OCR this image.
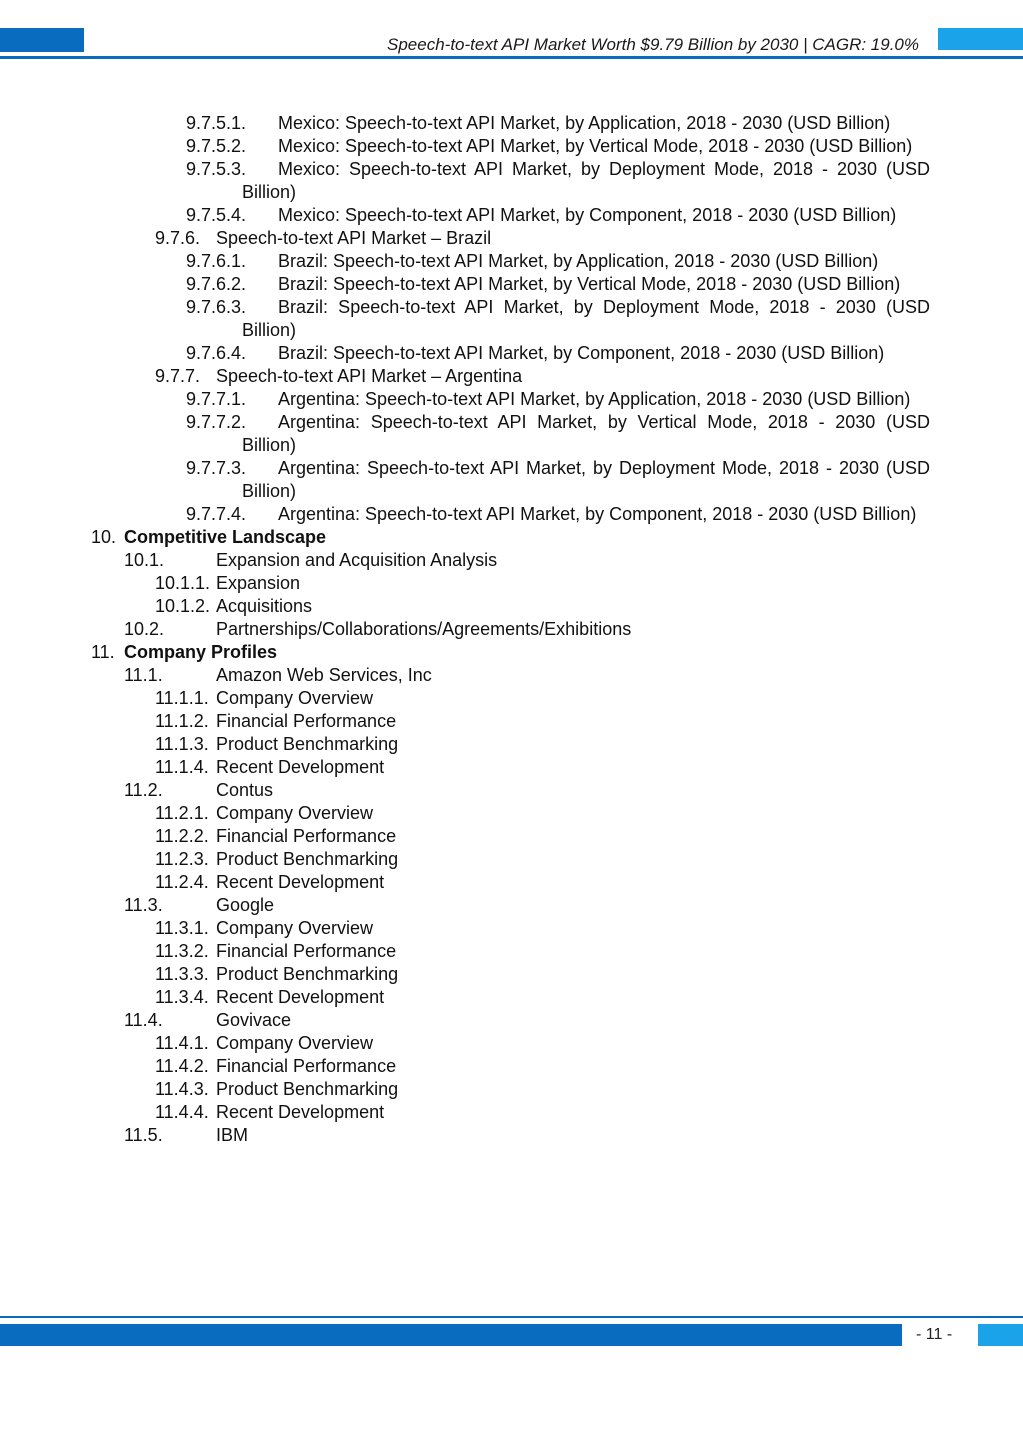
Speech-to-text API Market Worth $9.79 Billion by 2030 | CAGR: 19.0%
9.7.5.1.	Mexico: Speech-to-text API Market, by Application, 2018 - 2030 (USD Billion)
9.7.5.2.	Mexico: Speech-to-text API Market, by Vertical Mode, 2018 - 2030 (USD Billion)
9.7.5.3.	Mexico: Speech-to-text API Market, by Deployment Mode, 2018 - 2030 (USD Billion)
9.7.5.4.	Mexico: Speech-to-text API Market, by Component, 2018 - 2030 (USD Billion)
9.7.6. Speech-to-text API Market – Brazil
9.7.6.1.	Brazil: Speech-to-text API Market, by Application, 2018 - 2030 (USD Billion)
9.7.6.2.	Brazil: Speech-to-text API Market, by Vertical Mode, 2018 - 2030 (USD Billion)
9.7.6.3.	Brazil: Speech-to-text API Market, by Deployment Mode, 2018 - 2030 (USD Billion)
9.7.6.4.	Brazil: Speech-to-text API Market, by Component, 2018 - 2030 (USD Billion)
9.7.7. Speech-to-text API Market – Argentina
9.7.7.1.	Argentina: Speech-to-text API Market, by Application, 2018 - 2030 (USD Billion)
9.7.7.2.	Argentina: Speech-to-text API Market, by Vertical Mode, 2018 - 2030 (USD Billion)
9.7.7.3.	Argentina: Speech-to-text API Market, by Deployment Mode, 2018 - 2030 (USD Billion)
9.7.7.4.	Argentina: Speech-to-text API Market, by Component, 2018 - 2030 (USD Billion)
10. Competitive Landscape
10.1.	Expansion and Acquisition Analysis
10.1.1. Expansion
10.1.2. Acquisitions
10.2.	Partnerships/Collaborations/Agreements/Exhibitions
11. Company Profiles
11.1.	Amazon Web Services, Inc
11.1.1. Company Overview
11.1.2. Financial Performance
11.1.3. Product Benchmarking
11.1.4. Recent Development
11.2.	Contus
11.2.1. Company Overview
11.2.2. Financial Performance
11.2.3. Product Benchmarking
11.2.4. Recent Development
11.3.	Google
11.3.1. Company Overview
11.3.2. Financial Performance
11.3.3. Product Benchmarking
11.3.4. Recent Development
11.4.	Govivace
11.4.1. Company Overview
11.4.2. Financial Performance
11.4.3. Product Benchmarking
11.4.4. Recent Development
11.5.	IBM
- 11 -
